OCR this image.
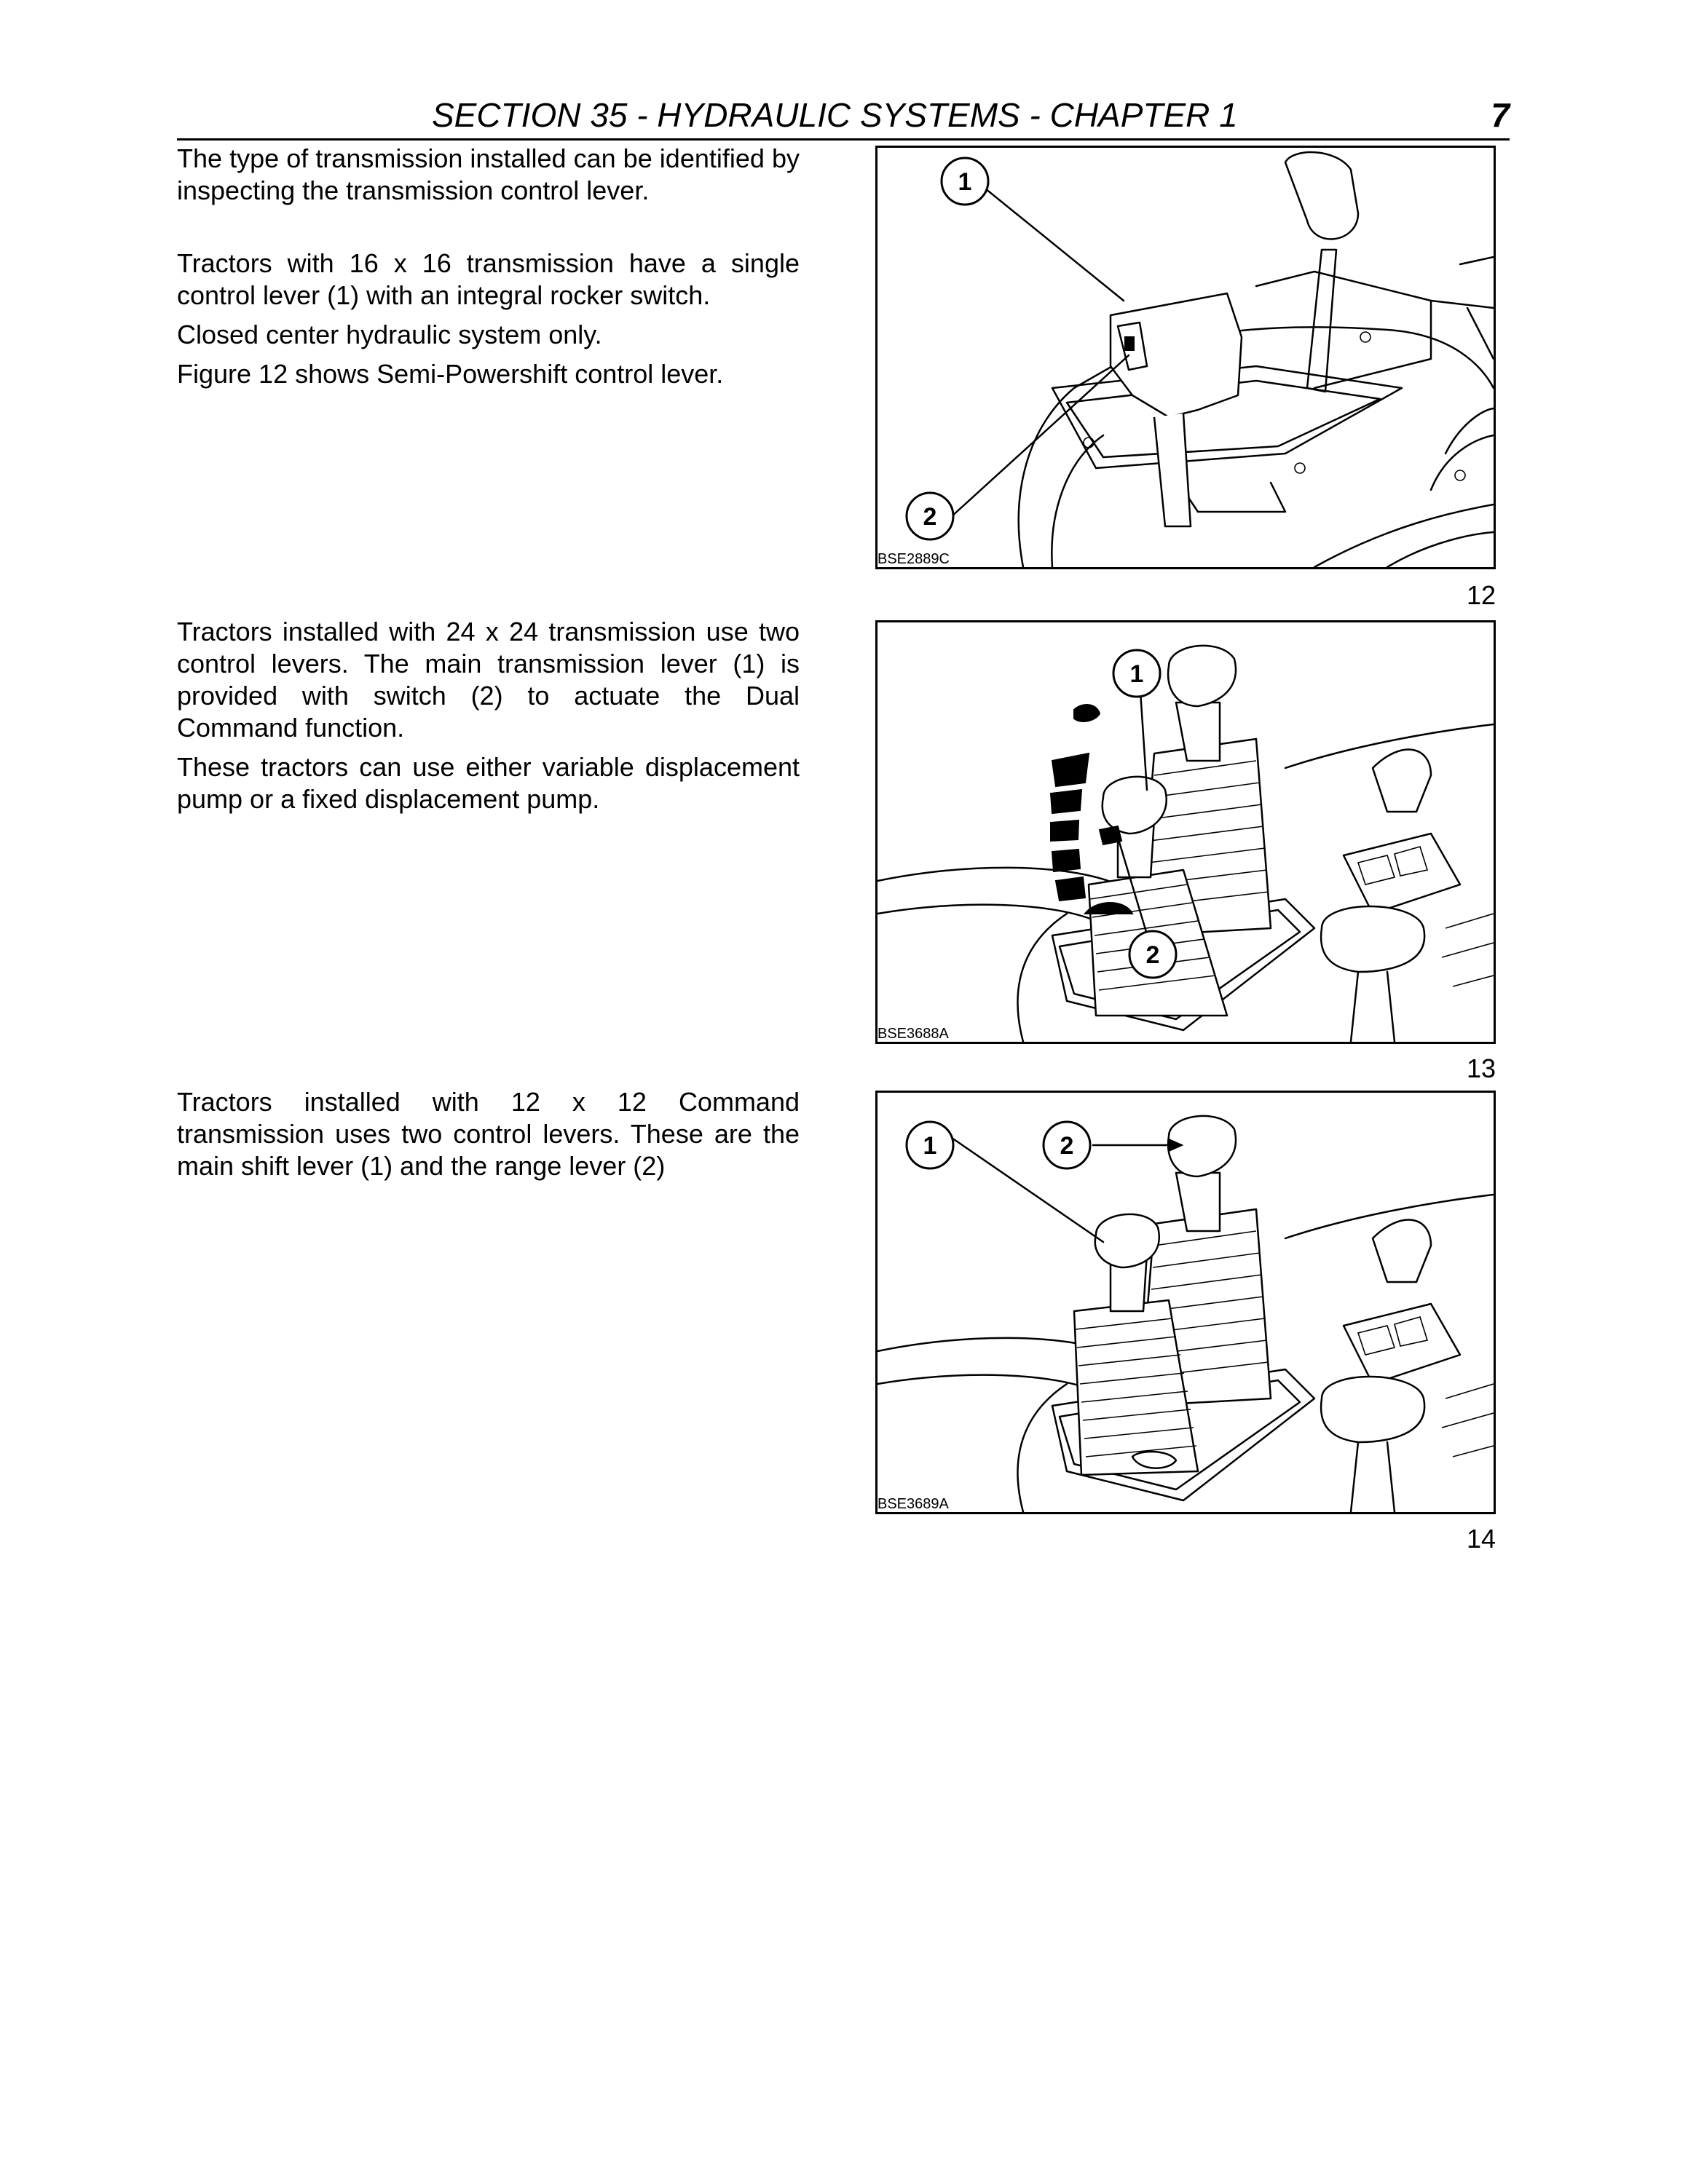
SECTION 35 - HYDRAULIC SYSTEMS - CHAPTER 1	7

The type of transmission installed can be identified by inspecting the transmission control lever.

Tractors with 16 x 16 transmission have a single control lever (1) with an integral rocker switch.

Closed center hydraulic system only.

Figure 12 shows Semi-Powershift control lever.

1
2
BSE2889C
12

Tractors installed with 24 x 24 transmission use two control levers. The main transmission lever (1) is provided with switch (2) to actuate the Dual Command function.

These tractors can use either variable displacement pump or a fixed displacement pump.

1
2
BSE3688A
13

Tractors installed with 12 x 12 Command transmission uses two control levers. These are the main shift lever (1) and the range lever (2)

1	2
BSE3689A
14
